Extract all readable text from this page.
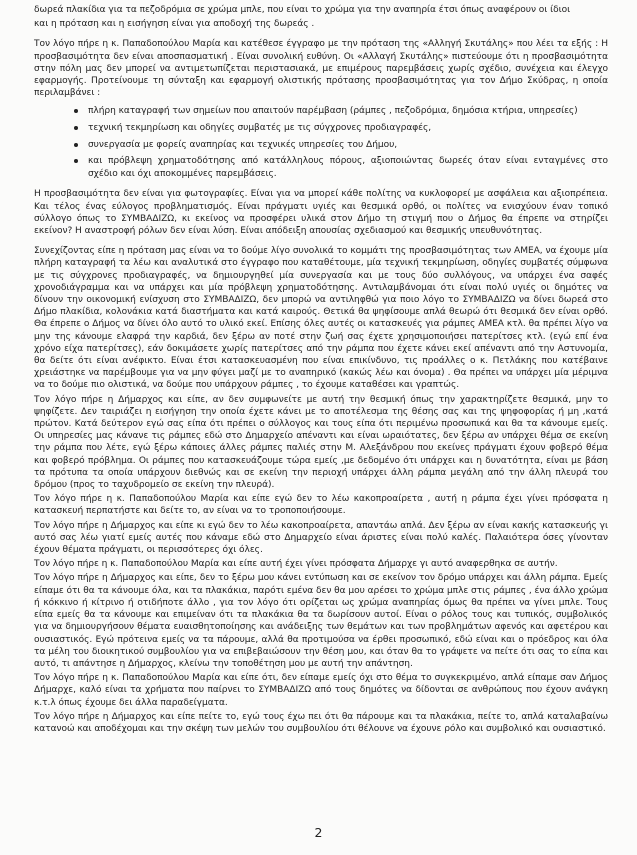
δωρεά πλακίδια για τα πεζοδρόμια σε χρώμα μπλε, που είναι το χρώμα για την αναπηρία έτσι όπως αναφέρουν οι ίδιοι

και η πρόταση και η εισήγηση είναι για αποδοχή της δωρεάς .

Τον λόγο πήρε η κ. Παπαδοπούλου Μαρία και κατέθεσε έγγραφο με την πρόταση της «Αλληγή Σκυτάλης» που λέει τα εξής : Η προσβασιμότητα δεν είναι αποσπασματική . Είναι συνολική ευθύνη. Οι «Αλλαγή Σκυτάλης» πιστεύουμε ότι η προσβασιμότητα στην πόλη μας δεν μπορεί να αντιμετωπίζεται περιστασιακά, με επιμέρους παρεμβάσεις χωρίς σχέδιο, συνέχεια και έλεγχο εφαρμογής. Προτείνουμε τη σύνταξη και εφαρμογή ολιστικής πρότασης προσβασιμότητας για τον Δήμο Σκύδρας, η οποία περιλαμβάνει :

πλήρη καταγραφή των σημείων που απαιτούν παρέμβαση (ράμπες , πεζοδρόμια, δημόσια κτήρια, υπηρεσίες)
τεχνική τεκμηρίωση και οδηγίες συμβατές με τις σύγχρονες προδιαγραφές,
συνεργασία με φορείς αναπηρίας και τεχνικές υπηρεσίες του Δήμου,
και πρόβλεψη χρηματοδότησης από κατάλληλους πόρους, αξιοποιώντας δωρεές όταν είναι ενταγμένες στο σχέδιο και όχι αποκομμένες παρεμβάσεις.

Η προσβασιμότητα δεν είναι για φωτογραφίες. Είναι για να μπορεί κάθε πολίτης να κυκλοφορεί με ασφάλεια και αξιοπρέπεια. Και τέλος ένας εύλογος προβληματισμός. Είναι πράγματι υγιές και θεσμικά ορθό, οι πολίτες να ενισχύουν έναν τοπικό σύλλογο όπως το ΣΥΜΒΑΔΙΖΩ, κι εκείνος να προσφέρει υλικά στον Δήμο τη στιγμή που ο Δήμος θα έπρεπε να στηρίζει εκείνον? Η αναστροφή ρόλων δεν είναι λύση. Είναι απόδειξη απουσίας σχεδιασμού και θεσμικής υπευθυνότητας.

Συνεχίζοντας είπε η πρόταση μας είναι να το δούμε λίγο συνολικά το κομμάτι της προσβασιμότητας των ΑΜΕΑ, να έχουμε μία πλήρη καταγραφή τα λέω και αναλυτικά στο έγγραφο που καταθέτουμε, μία τεχνική τεκμηρίωση, οδηγίες συμβατές σύμφωνα με τις σύγχρονες προδιαγραφές, να δημιουργηθεί μία συνεργασία και με τους δύο συλλόγους, να υπάρχει ένα σαφές χρονοδιάγραμμα και να υπάρχει και μία πρόβλεψη χρηματοδότησης. Αντιλαμβάνομαι ότι είναι πολύ υγιές οι δημότες να δίνουν την οικονομική ενίσχυση στο ΣΥΜΒΑΔΙΖΩ, δεν μπορώ να αντιληφθώ για ποιο λόγο το ΣΥΜΒΑΔΙΖΩ να δίνει δωρεά στο Δήμο πλακίδια, κολονάκια κατά διαστήματα και κατά καιρούς. Θετικά θα ψηφίσουμε απλά θεωρώ ότι θεσμικά δεν είναι ορθό. Θα έπρεπε ο Δήμος να δίνει όλο αυτό το υλικό εκεί. Επίσης όλες αυτές οι κατασκευές για ράμπες ΑΜΕΑ κτλ. θα πρέπει λίγο να μην της κάνουμε ελαφρά την καρδιά, δεν ξέρω αν ποτέ στην ζωή σας έχετε χρησιμοποιήσει πατερίτσες κτλ. (εγώ επί ένα χρόνο είχα πατερίτσες), εάν δοκιμάσετε χωρίς πατερίτσες από την ράμπα που έχετε κάνει εκεί απέναντι από την Αστυνομία, θα δείτε ότι είναι ανέφικτο. Είναι έτσι κατασκευασμένη που είναι επικίνδυνο, τις προάλλες ο κ. Πετλάκης που κατέβαινε χρειάστηκε να παρέμβουμε για να μην φύγει μαζί με το αναπηρικό (κακώς λέω και όνομα) . Θα πρέπει να υπάρχει μία μέριμνα να το δούμε πιο ολιστικά, να δούμε που υπάρχουν ράμπες , το έχουμε καταθέσει και γραπτώς.

Τον λόγο πήρε η Δήμαρχος και είπε, αν δεν συμφωνείτε με αυτή την θεσμική όπως την χαρακτηρίζετε θεσμικά, μην το ψηφίζετε. Δεν ταιριάζει η εισήγηση την οποία έχετε κάνει με το αποτέλεσμα της θέσης σας και της ψηφοφορίας ή μη ,κατά πρώτον. Κατά δεύτερον εγώ σας είπα ότι πρέπει ο σύλλογος και τους είπα ότι περιμένω προσωπικά και θα τα κάνουμε εμείς. Οι υπηρεσίες μας κάνανε τις ράμπες εδώ στο Δημαρχείο απέναντι και είναι ωραιότατες, δεν ξέρω αν υπάρχει θέμα σε εκείνη την ράμπα που λέτε, εγώ ξέρω κάποιες άλλες ράμπες παλιές στην Μ. Αλεξάνδρου που εκείνες πράγματι έχουν φοβερό θέμα και φοβερό πρόβλημα. Οι ράμπες που κατασκευάζουμε τώρα εμείς ,με δεδομένο ότι υπάρχει και η δυνατότητα, είναι με βάση τα πρότυπα τα οποία υπάρχουν διεθνώς και σε εκείνη την περιοχή υπάρχει άλλη ράμπα μεγάλη από την άλλη πλευρά του δρόμου (προς το ταχυδρομείο σε εκείνη την πλευρά).

Τον λόγο πήρε η κ. Παπαδοπούλου Μαρία και είπε εγώ δεν το λέω κακοπροαίρετα , αυτή η ράμπα έχει γίνει πρόσφατα η κατασκευή περπατήστε και δείτε το, αν είναι να το τροποποιήσουμε.

Τον λόγο πήρε η Δήμαρχος και είπε κι εγώ δεν το λέω κακοπροαίρετα, απαντάω απλά. Δεν ξέρω αν είναι κακής κατασκευής γι αυτό σας λέω γιατί εμείς αυτές που κάναμε εδώ στο Δημαρχείο είναι άριστες είναι πολύ καλές. Παλαιότερα όσες γίνονταν έχουν θέματα πράγματι, οι περισσότερες όχι όλες.

Τον λόγο πήρε η κ. Παπαδοπούλου Μαρία και είπε αυτή έχει γίνει πρόσφατα Δήμαρχε γι αυτό αναφερθηκα σε αυτήν.

Τον λόγο πήρε η Δήμαρχος και είπε, δεν το ξέρω μου κάνει εντύπωση και σε εκείνον τον δρόμο υπάρχει και άλλη ράμπα. Εμείς είπαμε ότι θα τα κάνουμε όλα, και τα πλακάκια, παρότι εμένα δεν θα μου αρέσει το χρώμα μπλε στις ράμπες , ένα άλλο χρώμα ή κόκκινο ή κίτρινο ή οτιδήποτε άλλο , για τον λόγο ότι ορίζεται ως χρώμα αναπηρίας όμως θα πρέπει να γίνει μπλε. Τους είπα εμείς θα τα κάνουμε και επιμείναν ότι τα πλακάκια θα τα δωρίσουν αυτοί. Είναι ο ρόλος τους και τυπικός, συμβολικός για να δημιουργήσουν θέματα ευαισθητοποίησης και ανάδειξης των θεμάτων και των προβλημάτων αφενός και αφετέρου και ουσιαστικός. Εγώ πρότεινα εμείς να τα πάρουμε, αλλά θα προτιμούσα να έρθει προσωπικό, εδώ είναι και ο πρόεδρος και όλα τα μέλη του διοικητικού συμβουλίου για να επιβεβαιώσουν την θέση μου, και όταν θα το γράψετε να πείτε ότι σας το είπα και αυτό, τι απάντησε η Δήμαρχος, κλείνω την τοποθέτηση μου με αυτή την απάντηση.

Τον λόγο πήρε η κ. Παπαδοπούλου Μαρία και είπε ότι, δεν είπαμε εμείς όχι στο θέμα το συγκεκριμένο, απλά είπαμε σαν Δήμος Δήμαρχε, καλό είναι τα χρήματα που παίρνει το ΣΥΜΒΑΔΙΖΩ από τους δημότες να δίδονται σε ανθρώπους που έχουν ανάγκη κ.τ.λ όπως έχουμε δει άλλα παραδείγματα.

Τον λόγο πήρε η Δήμαρχος και είπε πείτε το, εγώ τους έχω πει ότι θα πάρουμε και τα πλακάκια, πείτε το, απλά καταλαβαίνω κατανοώ και αποδέχομαι και την σκέψη των μελών του συμβουλίου ότι θέλουνε να έχουνε ρόλο και συμβολικό και ουσιαστικό.

2
